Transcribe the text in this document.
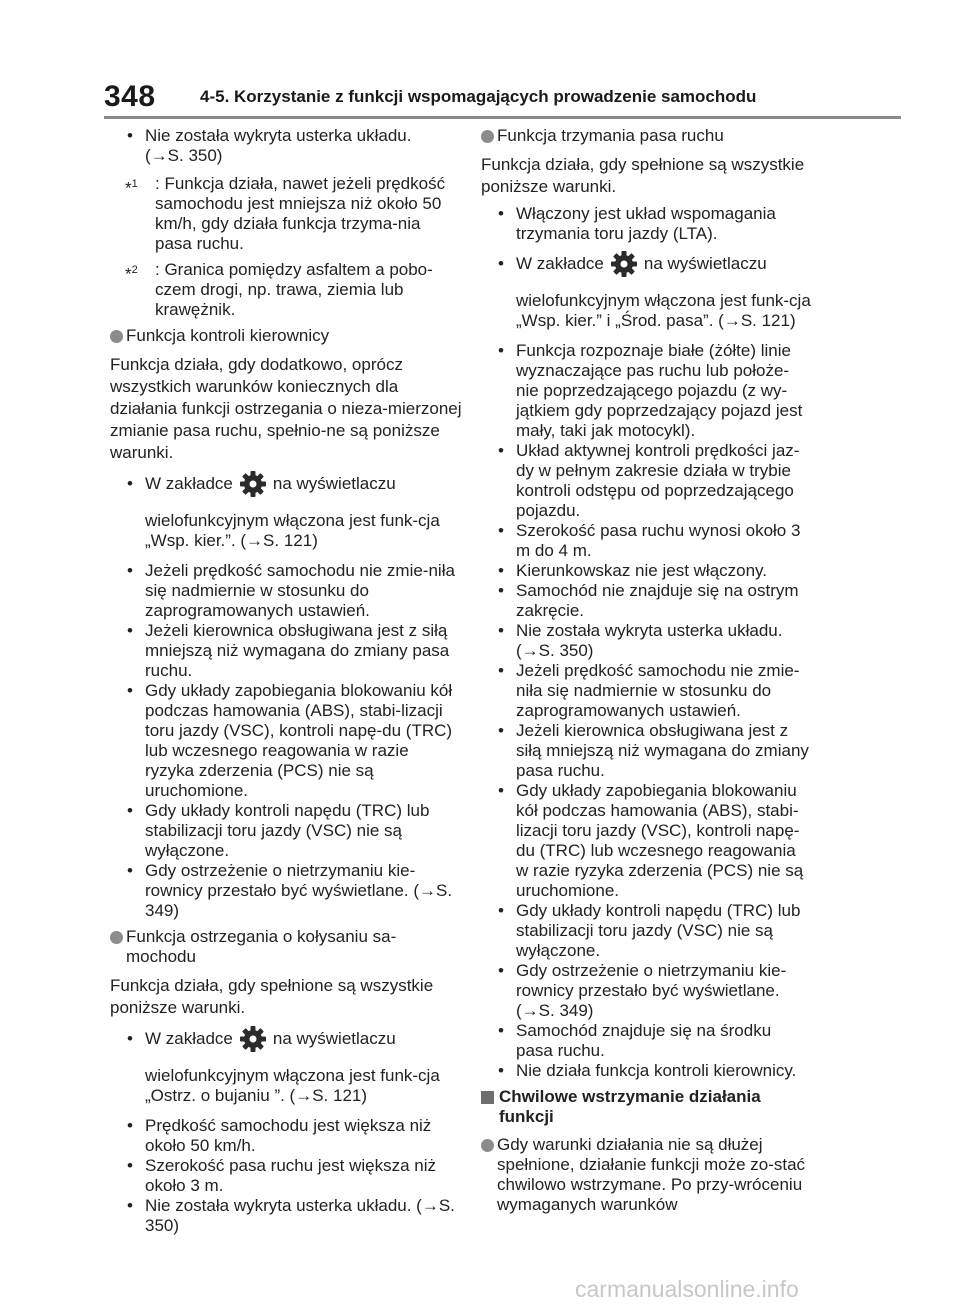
348	4-5. Korzystanie z funkcji wspomagających prowadzenie samochodu
• Nie została wykryta usterka układu.
(→S. 350)
*$^1$ : Funkcja działa, nawet jeżeli prędkość samochodu jest mniejsza niż około 50 km/h, gdy działa funkcja trzyma-nia pasa ruchu.
*$^2$ : Granica pomiędzy asfaltem a pobo-czem drogi, np. trawa, ziemia lub krawężnik.
Funkcja kontroli kierownicy
Funkcja działa, gdy dodatkowo, oprócz wszystkich warunków koniecznych dla działania funkcji ostrzegania o nieza-mierzonej zmianie pasa ruchu, spełnio-ne są poniższe warunki.
• W zakładce na wyświetlaczu
wielofunkcyjnym włączona jest funk-cja „Wsp. kier.”. (→S. 121)
• Jeżeli prędkość samochodu nie zmie-niła się nadmiernie w stosunku do zaprogramowanych ustawień.
• Jeżeli kierownica obsługiwana jest z siłą mniejszą niż wymagana do zmiany pasa ruchu.
• Gdy układy zapobiegania blokowaniu kół podczas hamowania (ABS), stabi-lizacji toru jazdy (VSC), kontroli napę-du (TRC) lub wczesnego reagowania w razie ryzyka zderzenia (PCS) nie są uruchomione.
• Gdy układy kontroli napędu (TRC) lub stabilizacji toru jazdy (VSC) nie są wyłączone.
• Gdy ostrzeżenie o nietrzymaniu kie-rownicy przestało być wyświetlane. (→S. 349)
Funkcja ostrzegania o kołysaniu sa-mochodu
Funkcja działa, gdy spełnione są wszystkie poniższe warunki.
• W zakładce na wyświetlaczu
wielofunkcyjnym włączona jest funk-cja „Ostrz. o bujaniu ”. (→S. 121)
• Prędkość samochodu jest większa niż około 50 km/h.
• Szerokość pasa ruchu jest większa niż około 3 m.
• Nie została wykryta usterka układu. (→S. 350)
Funkcja trzymania pasa ruchu
Funkcja działa, gdy spełnione są wszystkie poniższe warunki.
• Włączony jest układ wspomagania trzymania toru jazdy (LTA).
• W zakładce na wyświetlaczu
wielofunkcyjnym włączona jest funk-cja „Wsp. kier.” i „Środ. pasa”. (→S. 121)
• Funkcja rozpoznaje białe (żółte) linie wyznaczające pas ruchu lub położe-nie poprzedzającego pojazdu (z wy-jątkiem gdy poprzedzający pojazd jest mały, taki jak motocykl).
• Układ aktywnej kontroli prędkości jaz-dy w pełnym zakresie działa w trybie kontroli odstępu od poprzedzającego pojazdu.
• Szerokość pasa ruchu wynosi około 3 m do 4 m.
• Kierunkowskaz nie jest włączony.
• Samochód nie znajduje się na ostrym zakręcie.
• Nie została wykryta usterka układu. (→S. 350)
• Jeżeli prędkość samochodu nie zmie-niła się nadmiernie w stosunku do zaprogramowanych ustawień.
• Jeżeli kierownica obsługiwana jest z siłą mniejszą niż wymagana do zmiany pasa ruchu.
• Gdy układy zapobiegania blokowaniu kół podczas hamowania (ABS), stabi-lizacji toru jazdy (VSC), kontroli napę-du (TRC) lub wczesnego reagowania w razie ryzyka zderzenia (PCS) nie są uruchomione.
• Gdy układy kontroli napędu (TRC) lub stabilizacji toru jazdy (VSC) nie są wyłączone.
• Gdy ostrzeżenie o nietrzymaniu kie-rownicy przestało być wyświetlane. (→S. 349)
• Samochód znajduje się na środku pasa ruchu.
• Nie działa funkcja kontroli kierownicy.
Chwilowe wstrzymanie działania funkcji
Gdy warunki działania nie są dłużej spełnione, działanie funkcji może zo-stać chwilowo wstrzymane. Po przy-wróceniu wymaganych warunków
carmanualsonline.info
